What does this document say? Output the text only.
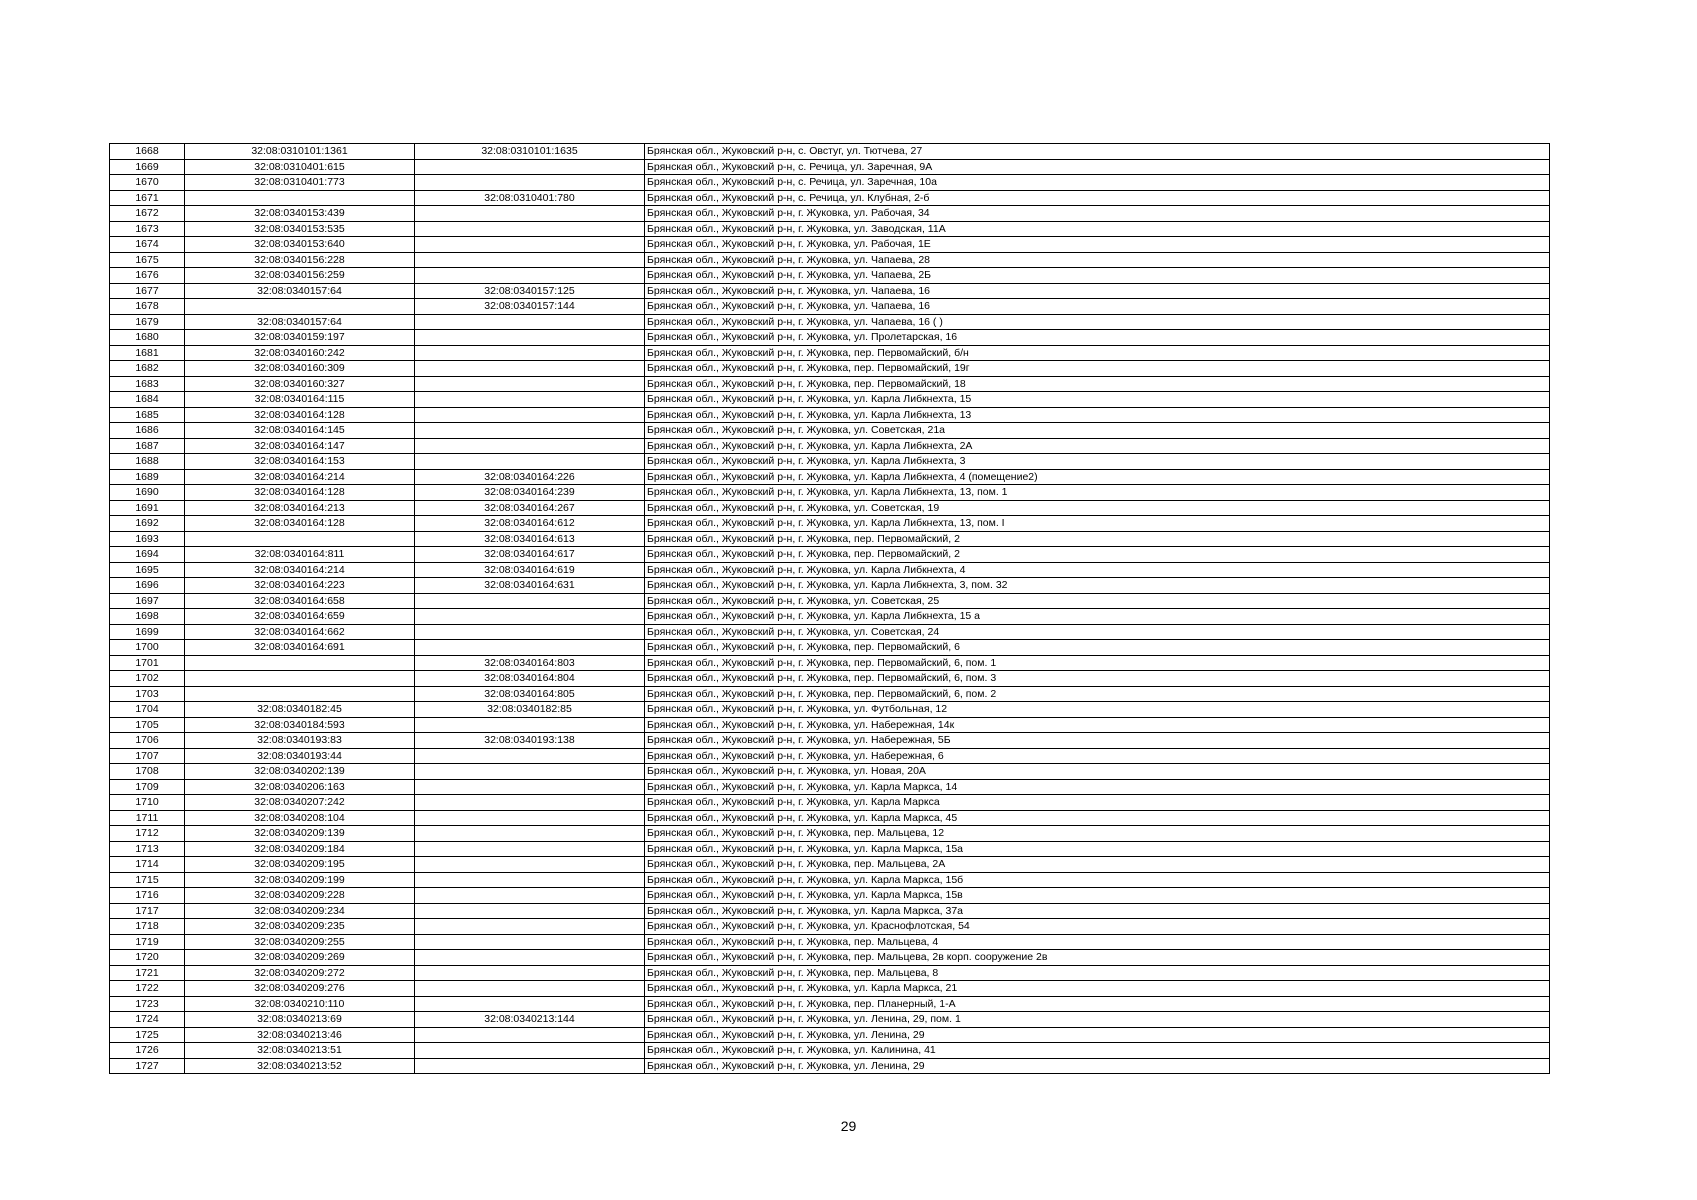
1668	32:08:0310101:1361	32:08:0310101:1635	Брянская обл., Жуковский р-н, с. Овстуг, ул. Тютчева, 27
1669	32:08:0310401:615		Брянская обл., Жуковский р-н, с. Речица, ул. Заречная, 9А
1670	32:08:0310401:773		Брянская обл., Жуковский р-н, с. Речица, ул. Заречная, 10а
1671		32:08:0310401:780	Брянская обл., Жуковский р-н, с. Речица, ул. Клубная, 2-б
1672	32:08:0340153:439		Брянская обл., Жуковский р-н, г. Жуковка, ул. Рабочая, 34
1673	32:08:0340153:535		Брянская обл., Жуковский р-н, г. Жуковка, ул. Заводская, 11А
1674	32:08:0340153:640		Брянская обл., Жуковский р-н, г. Жуковка, ул. Рабочая, 1Е
1675	32:08:0340156:228		Брянская обл., Жуковский р-н, г. Жуковка, ул. Чапаева, 28
1676	32:08:0340156:259		Брянская обл., Жуковский р-н, г. Жуковка, ул. Чапаева, 2Б
1677	32:08:0340157:64	32:08:0340157:125	Брянская обл., Жуковский р-н, г. Жуковка, ул. Чапаева, 16
1678		32:08:0340157:144	Брянская обл., Жуковский р-н, г. Жуковка, ул. Чапаева, 16
1679	32:08:0340157:64		Брянская обл., Жуковский р-н, г. Жуковка, ул. Чапаева, 16 ( )
1680	32:08:0340159:197		Брянская обл., Жуковский р-н, г. Жуковка, ул. Пролетарская, 16
1681	32:08:0340160:242		Брянская обл., Жуковский р-н, г. Жуковка, пер. Первомайский, б/н
1682	32:08:0340160:309		Брянская обл., Жуковский р-н, г. Жуковка, пер. Первомайский, 19г
1683	32:08:0340160:327		Брянская обл., Жуковский р-н, г. Жуковка, пер. Первомайский, 18
1684	32:08:0340164:115		Брянская обл., Жуковский р-н, г. Жуковка, ул. Карла Либкнехта, 15
1685	32:08:0340164:128		Брянская обл., Жуковский р-н, г. Жуковка, ул. Карла Либкнехта, 13
1686	32:08:0340164:145		Брянская обл., Жуковский р-н, г. Жуковка, ул. Советская, 21а
1687	32:08:0340164:147		Брянская обл., Жуковский р-н, г. Жуковка, ул. Карла Либкнехта, 2А
1688	32:08:0340164:153		Брянская обл., Жуковский р-н, г. Жуковка, ул. Карла Либкнехта, 3
1689	32:08:0340164:214	32:08:0340164:226	Брянская обл., Жуковский р-н, г. Жуковка, ул. Карла Либкнехта, 4 (помещение2)
1690	32:08:0340164:128	32:08:0340164:239	Брянская обл., Жуковский р-н, г. Жуковка, ул. Карла Либкнехта, 13, пом. 1
1691	32:08:0340164:213	32:08:0340164:267	Брянская обл., Жуковский р-н, г. Жуковка, ул. Советская, 19
1692	32:08:0340164:128	32:08:0340164:612	Брянская обл., Жуковский р-н, г. Жуковка, ул. Карла Либкнехта, 13, пом. I
1693		32:08:0340164:613	Брянская обл., Жуковский р-н, г. Жуковка, пер. Первомайский, 2
1694	32:08:0340164:811	32:08:0340164:617	Брянская обл., Жуковский р-н, г. Жуковка, пер. Первомайский, 2
1695	32:08:0340164:214	32:08:0340164:619	Брянская обл., Жуковский р-н, г. Жуковка, ул. Карла Либкнехта, 4
1696	32:08:0340164:223	32:08:0340164:631	Брянская обл., Жуковский р-н, г. Жуковка, ул. Карла Либкнехта, 3, пом. 32
1697	32:08:0340164:658		Брянская обл., Жуковский р-н, г. Жуковка, ул. Советская, 25
1698	32:08:0340164:659		Брянская обл., Жуковский р-н, г. Жуковка, ул. Карла Либкнехта, 15 а
1699	32:08:0340164:662		Брянская обл., Жуковский р-н, г. Жуковка, ул. Советская, 24
1700	32:08:0340164:691		Брянская обл., Жуковский р-н, г. Жуковка, пер. Первомайский, 6
1701		32:08:0340164:803	Брянская обл., Жуковский р-н, г. Жуковка, пер. Первомайский, 6, пом. 1
1702		32:08:0340164:804	Брянская обл., Жуковский р-н, г. Жуковка, пер. Первомайский, 6, пом. 3
1703		32:08:0340164:805	Брянская обл., Жуковский р-н, г. Жуковка, пер. Первомайский, 6, пом. 2
1704	32:08:0340182:45	32:08:0340182:85	Брянская обл., Жуковский р-н, г. Жуковка, ул. Футбольная, 12
1705	32:08:0340184:593		Брянская обл., Жуковский р-н, г. Жуковка, ул. Набережная, 14к
1706	32:08:0340193:83	32:08:0340193:138	Брянская обл., Жуковский р-н, г. Жуковка, ул. Набережная, 5Б
1707	32:08:0340193:44		Брянская обл., Жуковский р-н, г. Жуковка, ул. Набережная, 6
1708	32:08:0340202:139		Брянская обл., Жуковский р-н, г. Жуковка, ул. Новая, 20А
1709	32:08:0340206:163		Брянская обл., Жуковский р-н, г. Жуковка, ул. Карла Маркса, 14
1710	32:08:0340207:242		Брянская обл., Жуковский р-н, г. Жуковка, ул. Карла Маркса
1711	32:08:0340208:104		Брянская обл., Жуковский р-н, г. Жуковка, ул. Карла Маркса, 45
1712	32:08:0340209:139		Брянская обл., Жуковский р-н, г. Жуковка, пер. Мальцева, 12
1713	32:08:0340209:184		Брянская обл., Жуковский р-н, г. Жуковка, ул. Карла Маркса, 15а
1714	32:08:0340209:195		Брянская обл., Жуковский р-н, г. Жуковка, пер. Мальцева, 2А
1715	32:08:0340209:199		Брянская обл., Жуковский р-н, г. Жуковка, ул. Карла Маркса, 15б
1716	32:08:0340209:228		Брянская обл., Жуковский р-н, г. Жуковка, ул. Карла Маркса, 15в
1717	32:08:0340209:234		Брянская обл., Жуковский р-н, г. Жуковка, ул. Карла Маркса, 37а
1718	32:08:0340209:235		Брянская обл., Жуковский р-н, г. Жуковка, ул. Краснофлотская, 54
1719	32:08:0340209:255		Брянская обл., Жуковский р-н, г. Жуковка, пер. Мальцева, 4
1720	32:08:0340209:269		Брянская обл., Жуковский р-н, г. Жуковка, пер. Мальцева, 2в корп. сооружение 2в
1721	32:08:0340209:272		Брянская обл., Жуковский р-н, г. Жуковка, пер. Мальцева, 8
1722	32:08:0340209:276		Брянская обл., Жуковский р-н, г. Жуковка, ул. Карла Маркса, 21
1723	32:08:0340210:110		Брянская обл., Жуковский р-н, г. Жуковка, пер. Планерный, 1-А
1724	32:08:0340213:69	32:08:0340213:144	Брянская обл., Жуковский р-н, г. Жуковка, ул. Ленина, 29, пом. 1
1725	32:08:0340213:46		Брянская обл., Жуковский р-н, г. Жуковка, ул. Ленина, 29
1726	32:08:0340213:51		Брянская обл., Жуковский р-н, г. Жуковка, ул. Калинина, 41
1727	32:08:0340213:52		Брянская обл., Жуковский р-н, г. Жуковка, ул. Ленина, 29
29
